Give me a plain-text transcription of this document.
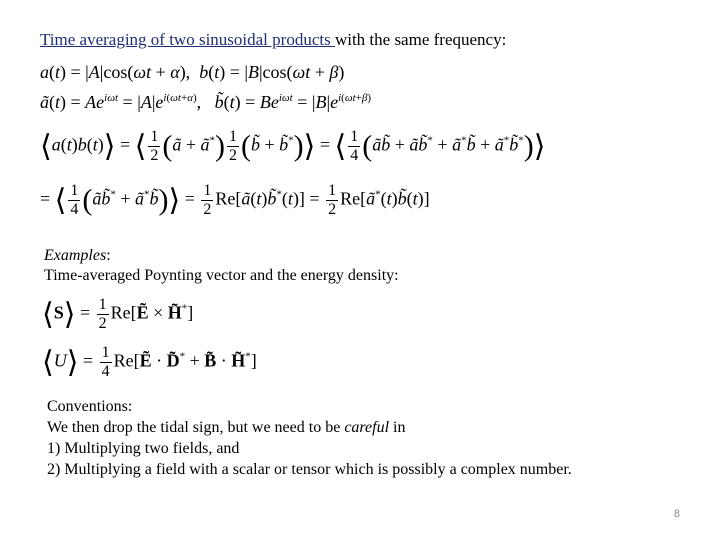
Time averaging of two sinusoidal products with the same frequency:
a(t) = |A|cos(ωt + α),  b(t) = |B|cos(ωt + β)
ã(t) = $Ae^{i\omega t} = |A|e^{i(\omega t+\alpha)}$,   b̃(t) = $Be^{i\omega t} = |B|e^{i(\omega t+\beta)}$
⟨a(t)b(t)⟩ = ⟨ $\frac{1}{2}$ (ã + ã*) $\frac{1}{2}$ (b̃ + b̃*)⟩ = ⟨ $\frac{1}{4}$ (ãb̃ + ãb̃* + ã*b̃ + ã*b̃*)⟩
= ⟨ $\frac{1}{4}$ (ãb̃* + ã*b̃)⟩ = $\frac{1}{2}$ Re[ã(t)b̃*(t)] = $\frac{1}{2}$ Re[ã*(t)b̃(t)]
Examples:
Time-averaged Poynting vector and the energy density:
⟨S⟩ = $\frac{1}{2}$ Re[Ẽ × H̃*]
⟨U⟩ = $\frac{1}{4}$ Re[Ẽ · D̃* + B̃ · H̃*]
Conventions:
We then drop the tidal sign, but we need to be careful in
1) Multiplying two fields, and
2) Multiplying a field with a scalar or tensor which is possibly a complex number.
8
